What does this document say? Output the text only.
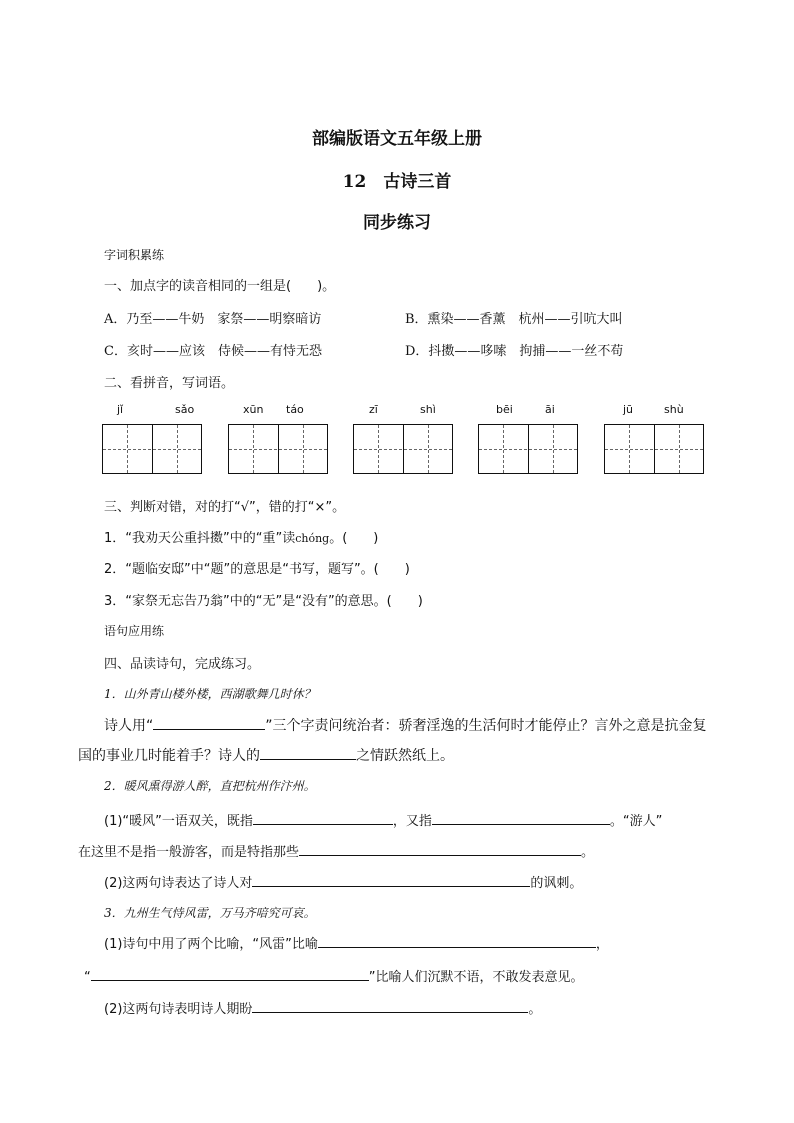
部编版语文五年级上册
12　古诗三首
同步练习
字词积累练
一、加点字的读音相同的一组是(　　)。
A．乃至——牛奶　家祭——明察暗访	B．熏染——香薰　杭州——引吭大叫
C．亥时——应该　侍候——有恃无恐	D．抖擞——哆嗦　拘捕——一丝不苟
二、看拼音，写词语。
jǐ	sǎo	xūn táo	zī	shì	bēi	āi	jū	shù
三、判断对错，对的打“√”，错的打“×”。
1．“我劝天公重抖擞”中的“重”读chóng。(　　)
2．“题临安邸”中“题”的意思是“书写，题写”。(　　)
3．“家祭无忘告乃翁”中的“无”是“没有”的意思。(　　)
语句应用练
四、品读诗句，完成练习。
1．山外青山楼外楼，西湖歌舞几时休？
诗人用“	”三个字责问统治者：骄奢淫逸的生活何时才能停止？言外之意是抗金复
国的事业几时能着手？诗人的	之情跃然纸上。
2．暖风熏得游人醉，直把杭州作汴州。
(1)“暖风”一语双关，既指	，又指	。“游人”
在这里不是指一般游客，而是特指那些	。
(2)这两句诗表达了诗人对	的讽刺。
3．九州生气恃风雷，万马齐喑究可哀。
(1)诗句中用了两个比喻，“风雷”比喻	，
“	”比喻人们沉默不语，不敢发表意见。
(2)这两句诗表明诗人期盼	。
